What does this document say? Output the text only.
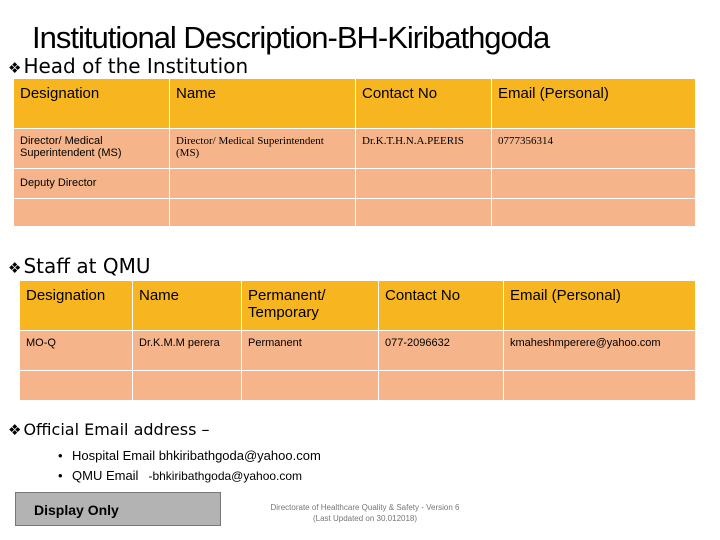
Institutional Description-BH-Kiribathgoda
❖ Head of the Institution
Designation	Name	Contact No	Email (Personal)
Director/ Medical Superintendent (MS)	Director/ Medical Superintendent (MS)	Dr.K.T.H.N.A.PEERIS	0777356314
Deputy Director			

❖ Staff at QMU
Designation	Name	Permanent/ Temporary	Contact No	Email (Personal)
MO-Q	Dr.K.M.M perera	Permanent	077-2096632	kmaheshmperere@yahoo.com

❖ Official Email address –
• Hospital Email bhkiribathgoda@yahoo.com
• QMU Email -bhkiribathgoda@yahoo.com
Display Only	Directorate of Healthcare Quality & Safety - Version 6
(Last Updated on 30.012018)
